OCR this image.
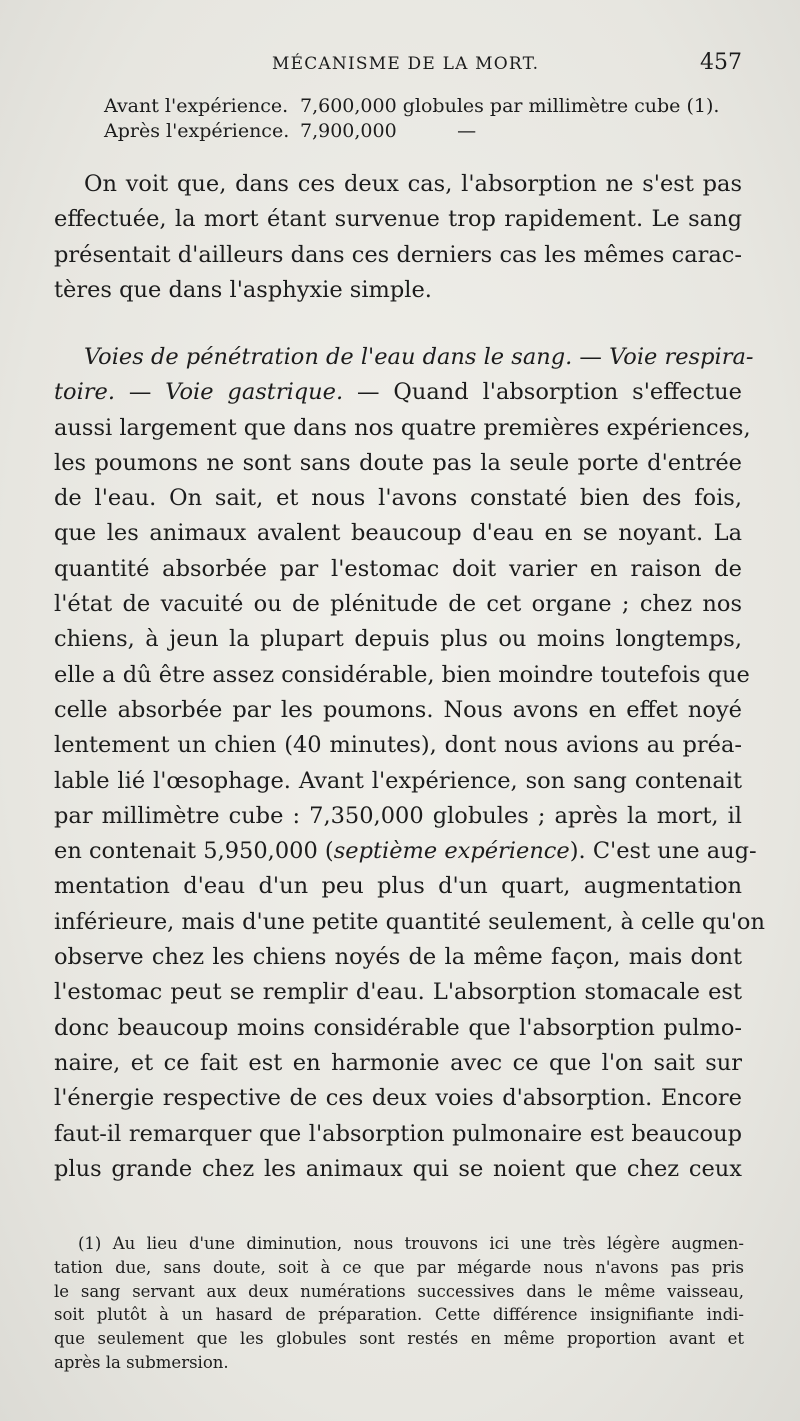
MÉCANISME DE LA MORT.	457
Avant l'expérience. 7,600,000 globules par millimètre cube (1).
Après l'expérience. 7,900,000          —
On voit que, dans ces deux cas, l'absorption ne s'est pas
effectuée, la mort étant survenue trop rapidement. Le sang
présentait d'ailleurs dans ces derniers cas les mêmes carac-
tères que dans l'asphyxie simple.
Voies de pénétration de l'eau dans le sang. — Voie respira-
toire. — Voie gastrique. — Quand l'absorption s'effectue
aussi largement que dans nos quatre premières expériences,
les poumons ne sont sans doute pas la seule porte d'entrée
de l'eau. On sait, et nous l'avons constaté bien des fois,
que les animaux avalent beaucoup d'eau en se noyant. La
quantité absorbée par l'estomac doit varier en raison de
l'état de vacuité ou de plénitude de cet organe ; chez nos
chiens, à jeun la plupart depuis plus ou moins longtemps,
elle a dû être assez considérable, bien moindre toutefois que
celle absorbée par les poumons. Nous avons en effet noyé
lentement un chien (40 minutes), dont nous avions au préa-
lable lié l'œsophage. Avant l'expérience, son sang contenait
par millimètre cube : 7,350,000 globules ; après la mort, il
en contenait 5,950,000 (septième expérience). C'est une aug-
mentation d'eau d'un peu plus d'un quart, augmentation
inférieure, mais d'une petite quantité seulement, à celle qu'on
observe chez les chiens noyés de la même façon, mais dont
l'estomac peut se remplir d'eau. L'absorption stomacale est
donc beaucoup moins considérable que l'absorption pulmo-
naire, et ce fait est en harmonie avec ce que l'on sait sur
l'énergie respective de ces deux voies d'absorption. Encore
faut-il remarquer que l'absorption pulmonaire est beaucoup
plus grande chez les animaux qui se noient que chez ceux
(1) Au lieu d'une diminution, nous trouvons ici une très légère augmen-
tation due, sans doute, soit à ce que par mégarde nous n'avons pas pris
le sang servant aux deux numérations successives dans le même vaisseau,
soit plutôt à un hasard de préparation. Cette différence insignifiante indi-
que seulement que les globules sont restés en même proportion avant et
après la submersion.
